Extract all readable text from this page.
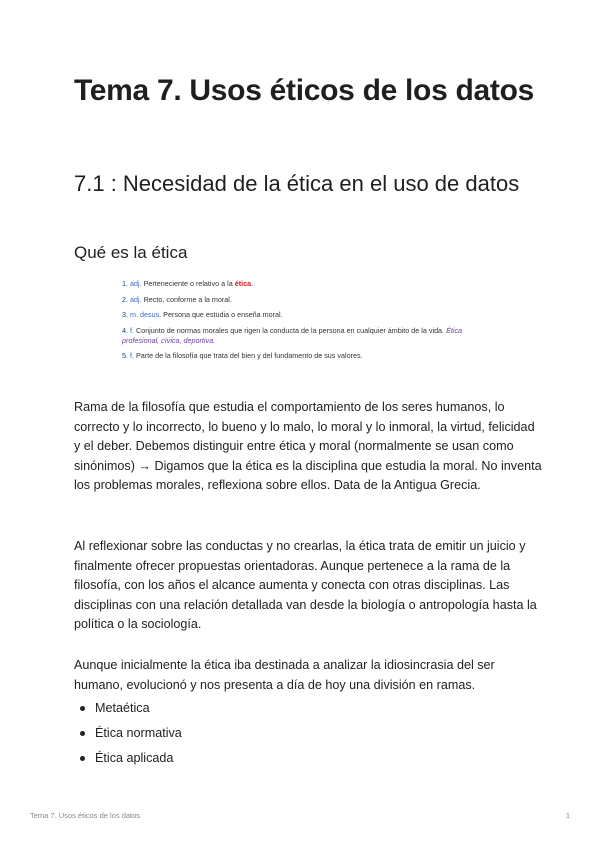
Tema 7. Usos éticos de los datos
7.1 : Necesidad de la ética en el uso de datos
Qué es la ética
1. adj. Perteneciente o relativo a la ética.
2. adj. Recto, conforme a la moral.
3. m. desus. Persona que estudia o enseña moral.
4. f. Conjunto de normas morales que rigen la conducta de la persona en cualquier ámbito de la vida. Ética profesional, cívica, deportiva.
5. f. Parte de la filosofía que trata del bien y del fundamento de sus valores.

Rama de la filosofía que estudia el comportamiento de los seres humanos, lo correcto y lo incorrecto, lo bueno y lo malo, lo moral y lo inmoral, la virtud, felicidad y el deber. Debemos distinguir entre ética y moral (normalmente se usan como sinónimos) → Digamos que la ética es la disciplina que estudia la moral. No inventa los problemas morales, reflexiona sobre ellos. Data de la Antigua Grecia.

Al reflexionar sobre las conductas y no crearlas, la ética trata de emitir un juicio y finalmente ofrecer propuestas orientadoras. Aunque pertenece a la rama de la filosofía, con los años el alcance aumenta y conecta con otras disciplinas. Las disciplinas con una relación detallada van desde la biología o antropología hasta la política o la sociología.

Aunque inicialmente la ética iba destinada a analizar la idiosincrasia del ser humano, evolucionó y nos presenta a día de hoy una división en ramas.

Metaética
Ética normativa
Ética aplicada
Tema 7. Usos éticos de los datos	1
